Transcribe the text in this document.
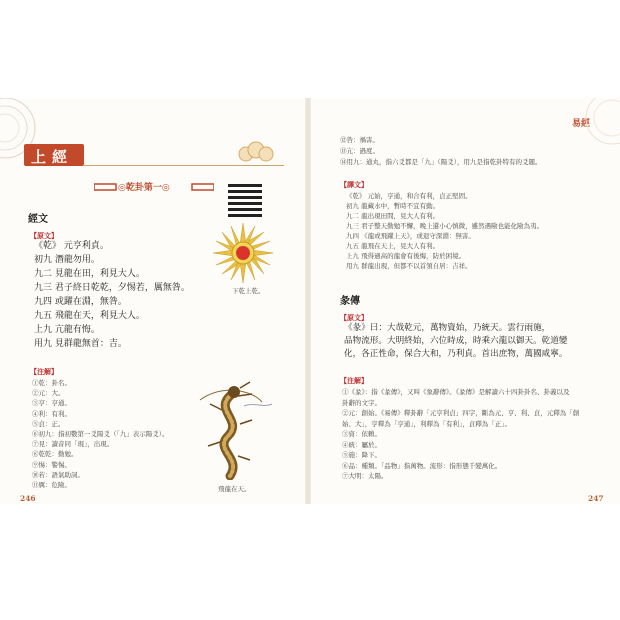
上經
◎乾卦第一◎
經文
【原文】
《乾》 元亨利貞。
初九 潛龍勿用。
九二 見龍在田，利見大人。
九三 君子終日乾乾，夕惕若，厲無咎。
九四 或躍在淵，無咎。
九五 飛龍在天，利見大人。
上九 亢龍有悔。
用九 見群龍無首：吉。
下乾上乾。
【注解】
①乾：卦名。
②元：大。
③亨：亨通。
④利：有利。
⑤貞：正。
⑥初九：指初數第一爻陽爻（「九」表示陽爻）。
⑦見：讀音同「現」，出現。
⑧乾乾：勤勉。
⑨惕：警惕。
⑩若：語氣助詞。
⑪厲：危險。	飛龍在天。
246
易經
⑫咎：禍害。
⑬亢：過度。
⑭用九：通丸，指六爻都是「九」（陽爻），用九是指乾卦特有的爻題。
【譯文】
《乾》 元始，亨通，和合有利，貞正堅固。
初九 龍藏水中，暫時不宜有動。
九二 龍出現田間，見大人有利。
九三 君子整天勤勉不懈，晚上還小心慎微，雖然遇險也能化險為夷。
九四 《龍或飛躍上天》，或退守深淵：無害。
九五 龍飛在天上，見大人有利。
上九 飛得過高的龍會有後悔，防於困境。
用九 群龍出現，但都不以首領自居：吉祥。
彖傳
【原文】
《彖》曰：大哉乾元，萬物資始，乃統天。雲行雨施，
品物流形。大明終始，六位時成，時乘六龍以御天。乾道變
化，各正性命，保合大和，乃利貞。首出庶物，萬國咸寧。
【注解】
①《彖》：指《彖傳》，又叫《象辭傳》。《彖傳》是解讀六十四卦卦名、卦義以及
卦辭的文字。
②元：創始。《易傳》釋卦辭「元亨利貞」四字，斷為元、亨、利、貞，元釋為「創
始、大」，亨釋為「亨通」，利釋為「有利」，貞釋為「正」。
③資：依賴。
④統：屬於。
⑤施：降下。
⑥品：種類。「品物」指萬物。流形：指形態千變萬化。
⑦大明：太陽。
247
